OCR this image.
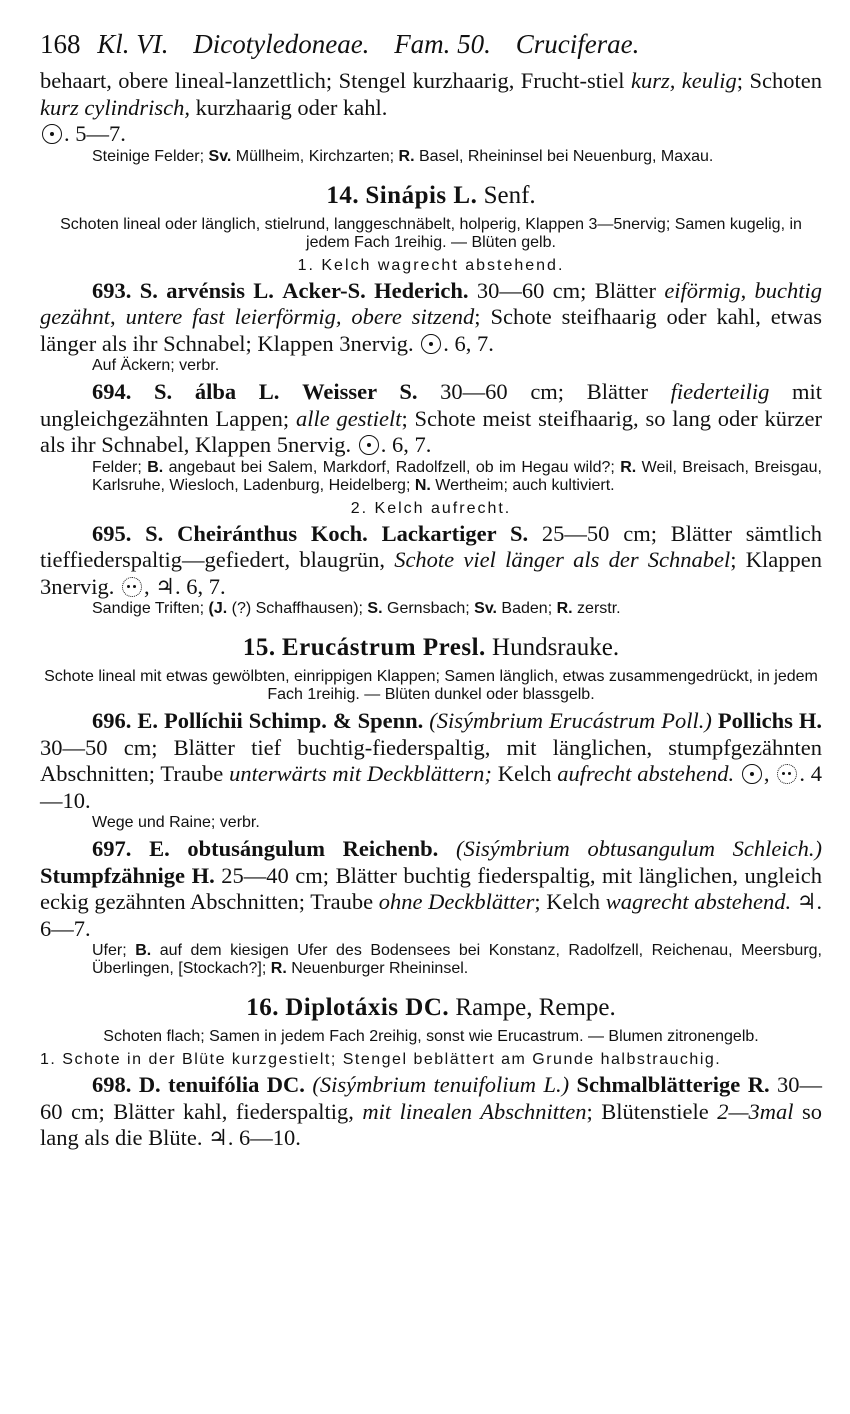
168 Kl. VI. Dicotyledoneae. Fam. 50. Cruciferae.

behaart, obere lineal-lanzettlich; Stengel kurzhaarig, Frucht-stiel kurz, keulig; Schoten kurz cylindrisch, kurzhaarig oder kahl.
. 5—7.

Steinige Felder; Sv. Müllheim, Kirchzarten; R. Basel, Rheininsel bei Neuenburg, Maxau.

14. Sinápis L. Senf.

Schoten lineal oder länglich, stielrund, langgeschnäbelt, holperig, Klappen 3—5nervig; Samen kugelig, in jedem Fach 1reihig. — Blüten gelb.

1. Kelch wagrecht abstehend.

693. S. arvénsis L. Acker-S. Hederich. 30—60 cm; Blätter eiförmig, buchtig gezähnt, untere fast leierförmig, obere sitzend; Schote steifhaarig oder kahl, etwas länger als ihr Schnabel; Klappen 3nervig. . 6, 7.

Auf Äckern; verbr.

694. S. álba L. Weisser S. 30—60 cm; Blätter fiederteilig mit ungleichgezähnten Lappen; alle gestielt; Schote meist steifhaarig, so lang oder kürzer als ihr Schnabel, Klappen 5nervig. . 6, 7.

Felder; B. angebaut bei Salem, Markdorf, Radolfzell, ob im Hegau wild?; R. Weil, Breisach, Breisgau, Karlsruhe, Wiesloch, Ladenburg, Heidelberg; N. Wertheim; auch kultiviert.

2. Kelch aufrecht.

695. S. Cheiránthus Koch. Lackartiger S. 25—50 cm; Blätter sämtlich tieffiederspaltig—gefiedert, blaugrün, Schote viel länger als der Schnabel; Klappen 3nervig. , ♃. 6, 7.

Sandige Triften; (J. (?) Schaffhausen); S. Gernsbach; Sv. Baden; R. zerstr.

15. Erucástrum Presl. Hundsrauke.

Schote lineal mit etwas gewölbten, einrippigen Klappen; Samen länglich, etwas zusammengedrückt, in jedem Fach 1reihig. — Blüten dunkel oder blassgelb.

696. E. Pollíchii Schimp. & Spenn. (Sisýmbrium Erucástrum Poll.) Pollichs H. 30—50 cm; Blätter tief buchtig-fiederspaltig, mit länglichen, stumpfgezähnten Abschnitten; Traube unterwärts mit Deckblättern; Kelch aufrecht abstehend. , . 4—10.

Wege und Raine; verbr.

697. E. obtusángulum Reichenb. (Sisýmbrium obtusangulum Schleich.) Stumpfzähnige H. 25—40 cm; Blätter buchtig fiederspaltig, mit länglichen, ungleich eckig gezähnten Abschnitten; Traube ohne Deckblätter; Kelch wagrecht abstehend. ♃. 6—7.

Ufer; B. auf dem kiesigen Ufer des Bodensees bei Konstanz, Radolfzell, Reichenau, Meersburg, Überlingen, [Stockach?]; R. Neuenburger Rheininsel.

16. Diplotáxis DC. Rampe, Rempe.

Schoten flach; Samen in jedem Fach 2reihig, sonst wie Erucastrum. — Blumen zitronengelb.

1. Schote in der Blüte kurzgestielt; Stengel beblättert am Grunde halbstrauchig.

698. D. tenuifólia DC. (Sisýmbrium tenuifolium L.) Schmalblätterige R. 30—60 cm; Blätter kahl, fiederspaltig, mit linealen Abschnitten; Blütenstiele 2—3mal so lang als die Blüte. ♃. 6—10.
